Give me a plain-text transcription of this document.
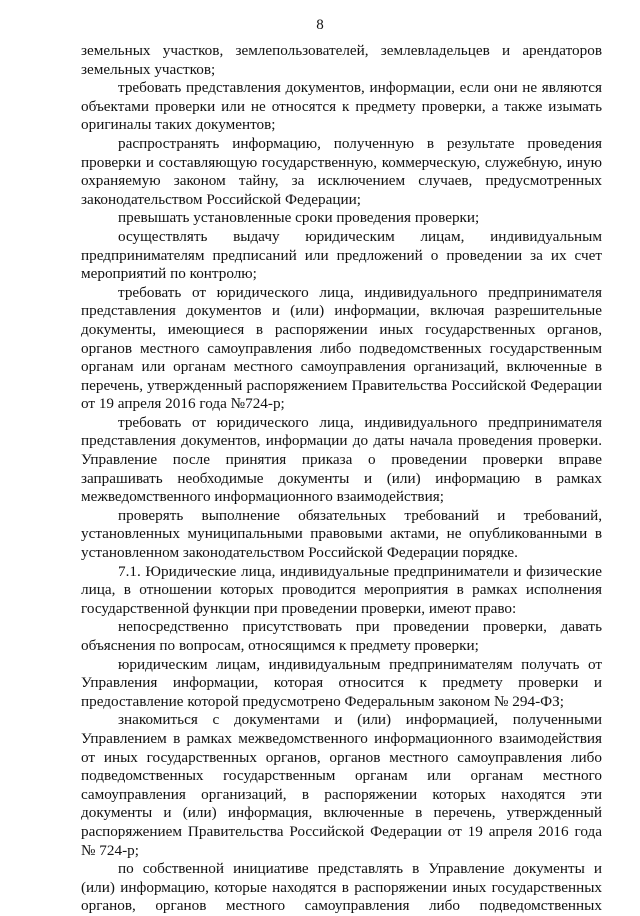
8
земельных участков, землепользователей, землевладельцев и арендаторов
земельных участков;
требовать представления документов, информации, если они не являются
объектами проверки или не относятся к предмету проверки, а также изымать
оригиналы таких документов;
распространять информацию, полученную в результате проведения
проверки и составляющую государственную, коммерческую, служебную, иную
охраняемую законом тайну, за исключением случаев, предусмотренных
законодательством Российской Федерации;
превышать установленные сроки проведения проверки;
осуществлять выдачу юридическим лицам, индивидуальным
предпринимателям предписаний или предложений о проведении за их счет
мероприятий по контролю;
требовать от юридического лица, индивидуального предпринимателя
представления документов и (или) информации, включая разрешительные
документы, имеющиеся в распоряжении иных государственных органов,
органов местного самоуправления либо подведомственных государственным
органам или органам местного самоуправления организаций, включенные в
перечень, утвержденный распоряжением Правительства Российской Федерации
от 19 апреля 2016 года №724-р;
требовать от юридического лица, индивидуального предпринимателя
представления документов, информации до даты начала проведения проверки.
Управление после принятия приказа о проведении проверки вправе
запрашивать необходимые документы и (или) информацию в рамках
межведомственного информационного взаимодействия;
проверять выполнение обязательных требований и требований,
установленных муниципальными правовыми актами, не опубликованными в
установленном законодательством Российской Федерации порядке.
7.1. Юридические лица, индивидуальные предприниматели и физические
лица, в отношении которых проводится мероприятия в рамках исполнения
государственной функции при проведении проверки, имеют право:
непосредственно присутствовать при проведении проверки, давать
объяснения по вопросам, относящимся к предмету проверки;
юридическим лицам, индивидуальным предпринимателям получать от
Управления информации, которая относится к предмету проверки и
предоставление которой предусмотрено Федеральным законом № 294-ФЗ;
знакомиться с документами и (или) информацией, полученными
Управлением в рамках межведомственного информационного взаимодействия
от иных государственных органов, органов местного самоуправления либо
подведомственных государственным органам или органам местного
самоуправления организаций, в распоряжении которых находятся эти
документы и (или) информация, включенные в перечень, утвержденный
распоряжением Правительства Российской Федерации от 19 апреля 2016 года
№ 724-р;
по собственной инициативе представлять в Управление документы и
(или) информацию, которые находятся в распоряжении иных государственных
органов, органов местного самоуправления либо подведомственных
